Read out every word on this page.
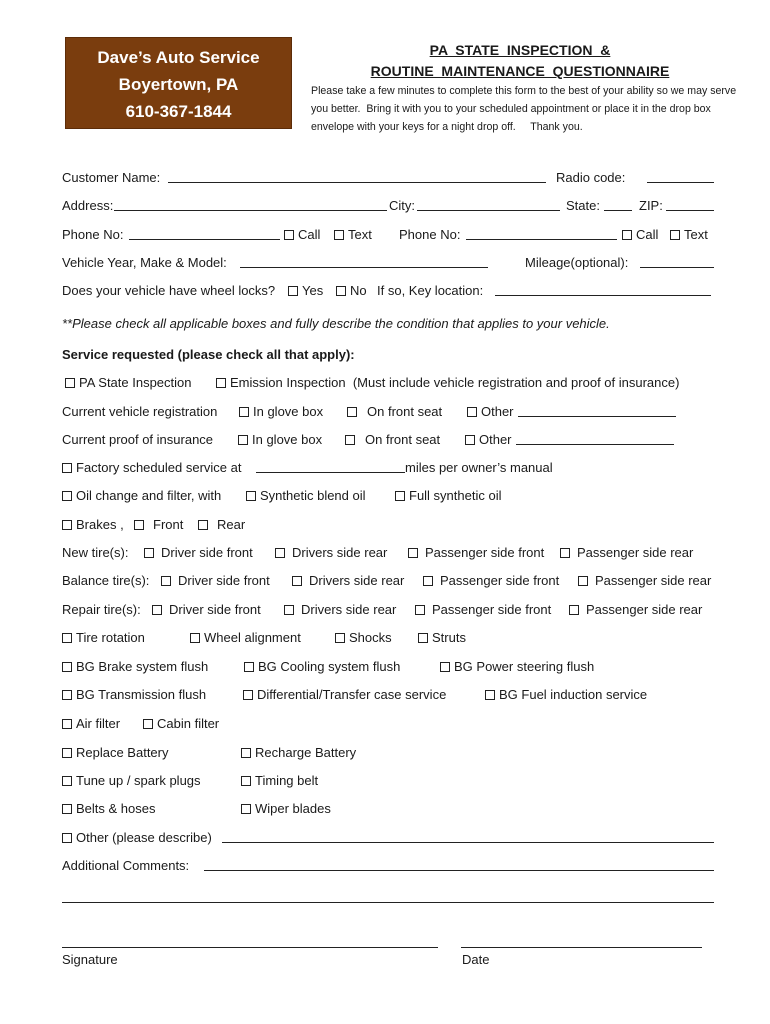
Dave’s Auto Service
Boyertown, PA
610-367-1844
PA  STATE  INSPECTION  &
ROUTINE  MAINTENANCE  QUESTIONNAIRE
Please take a few minutes to complete this form to the best of your ability so we may serve you better.  Bring it with you to your scheduled appointment or place it in the drop box envelope with your keys for a night drop off.     Thank you.
Customer Name:	Radio code:
Address:	City:	State:	ZIP:
Phone No:	Call	Text Phone No:	Call	Text
Vehicle Year, Make & Model:	Mileage(optional):
Does your vehicle have wheel locks?	Yes	No If so, Key location:
**Please check all applicable boxes and fully describe the condition that applies to your vehicle.
Service requested (please check all that apply):
PA State Inspection	Emission Inspection  (Must include vehicle registration and proof of insurance)
Current vehicle registration	In glove box	On front seat	Other
Current proof of insurance	In glove box	On front seat	Other
Factory scheduled service at	miles per owner’s manual
Oil change and filter, with	Synthetic blend oil	Full synthetic oil
Brakes ,	Front	Rear
New tire(s):	Driver side front	Drivers side rear	Passenger side front	Passenger side rear
Balance tire(s):	Driver side front	Drivers side rear	Passenger side front	Passenger side rear
Repair tire(s):	Driver side front	Drivers side rear	Passenger side front	Passenger side rear
Tire rotation	Wheel alignment	Shocks	Struts
BG Brake system flush	BG Cooling system flush	BG Power steering flush
BG Transmission flush	Differential/Transfer case service	BG Fuel induction service
Air filter	Cabin filter
Replace Battery	Recharge Battery
Tune up / spark plugs	Timing belt
Belts & hoses	Wiper blades
Other (please describe)
Additional Comments:
Signature	Date
